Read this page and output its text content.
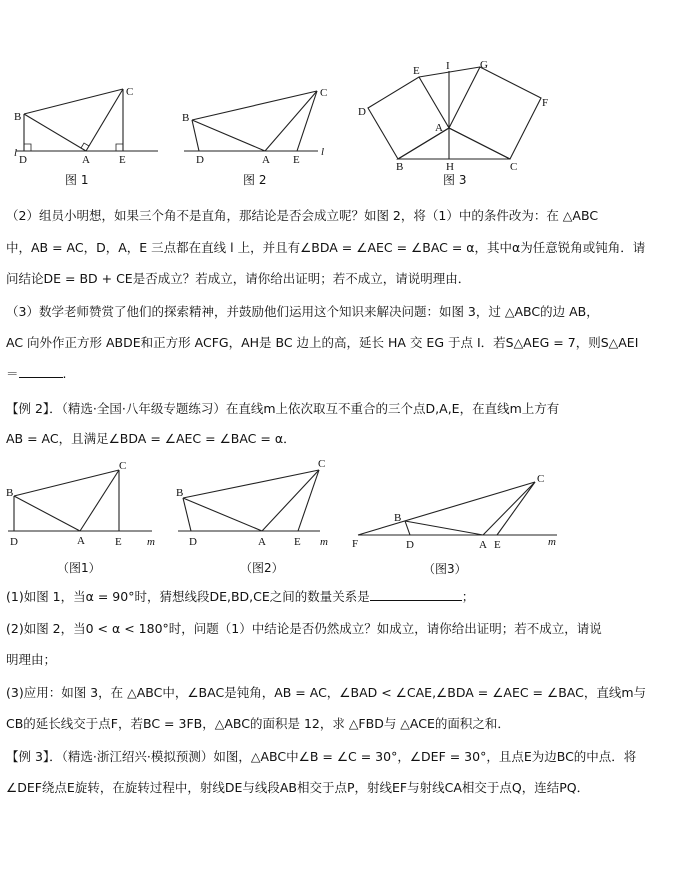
l
B
C
D	A	E
图 1
B
C
D	A E
l
图 2
E I	G
D
F
A
B	H	C
图 3
（2）组员小明想，如果三个角不是直角，那结论是否会成立呢？如图 2，将（1）中的条件改为：在 △ABC
中，AB = AC，D，A，E 三点都在直线 l 上，并且有∠BDA = ∠AEC = ∠BAC = α，其中α为任意锐角或钝角．请
问结论DE = BD + CE是否成立？若成立，请你给出证明；若不成立，请说明理由．
（3）数学老师赞赏了他们的探索精神，并鼓励他们运用这个知识来解决问题：如图 3，过 △ABC的边 AB，
AC 向外作正方形 ABDE和正方形 ACFG，AH是 BC 边上的高，延长 HA 交 EG 于点 I．若S△AEG = 7，则S△AEI
＝	.
【例 2】．（精选·全国·八年级专题练习）在直线m上依次取互不重合的三个点D,A,E，在直线m上方有
AB = AC，且满足∠BDA = ∠AEC = ∠BAC = α．
B
C
D	A	E m
（图1）
B
C
D	A	E m
（图2）
B
C
F	D	A E	m
（图3）
(1)如图 1，当α = 90°时，猜想线段DE,BD,CE之间的数量关系是	；
(2)如图 2，当0 < α < 180°时，问题（1）中结论是否仍然成立？如成立，请你给出证明；若不成立，请说
明理由；
(3)应用：如图 3，在 △ABC中，∠BAC是钝角，AB = AC，∠BAD < ∠CAE,∠BDA = ∠AEC = ∠BAC，直线m与
CB的延长线交于点F，若BC = 3FB，△ABC的面积是 12，求 △FBD与 △ACE的面积之和．
【例 3】．（精选·浙江绍兴·模拟预测）如图，△ABC中∠B = ∠C = 30°，∠DEF = 30°，且点E为边BC的中点．将
∠DEF绕点E旋转，在旋转过程中，射线DE与线段AB相交于点P，射线EF与射线CA相交于点Q，连结PQ．
